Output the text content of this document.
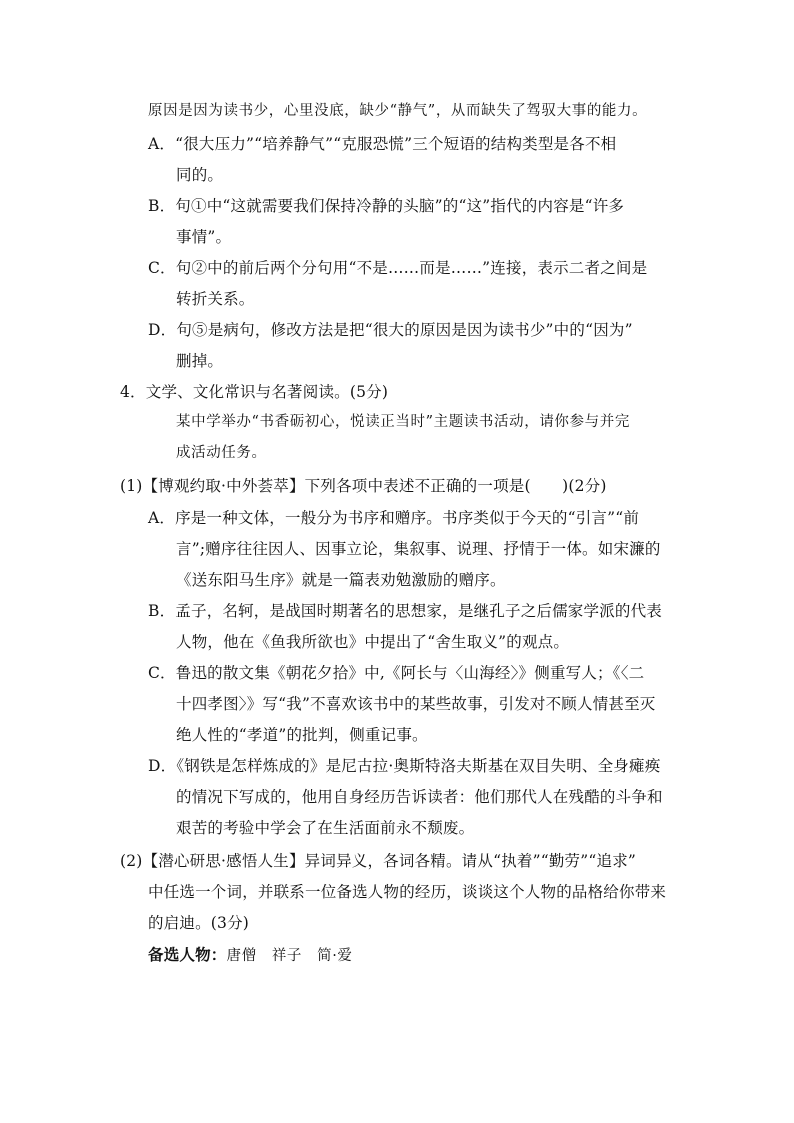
原因是因为读书少，心里没底，缺少“静气”，从而缺失了驾驭大事的能力。
A．“很大压力”“培养静气”“克服恐慌”三个短语的结构类型是各不相
同的。
B．句①中“这就需要我们保持冷静的头脑”的“这”指代的内容是“许多
事情”。
C．句②中的前后两个分句用“不是……而是……”连接，表示二者之间是
转折关系。
D．句⑤是病句，修改方法是把“很大的原因是因为读书少”中的“因为”
删掉。
4．文学、文化常识与名著阅读。(5分)
某中学举办“书香砺初心，悦读正当时”主题读书活动，请你参与并完
成活动任务。
(1)【博观约取·中外荟萃】下列各项中表述不正确的一项是(　　)(2分)
A．序是一种文体，一般分为书序和赠序。书序类似于今天的“引言”“前
言”;赠序往往因人、因事立论，集叙事、说理、抒情于一体。如宋濂的
《送东阳马生序》就是一篇表劝勉激励的赠序。
B．孟子，名轲，是战国时期著名的思想家，是继孔子之后儒家学派的代表
人物，他在《鱼我所欲也》中提出了“舍生取义”的观点。
C．鲁迅的散文集《朝花夕拾》中,《阿长与〈山海经〉》侧重写人；《〈二
十四孝图〉》写“我”不喜欢该书中的某些故事，引发对不顾人情甚至灭
绝人性的“孝道”的批判，侧重记事。
D．《钢铁是怎样炼成的》是尼古拉·奥斯特洛夫斯基在双目失明、全身瘫痪
的情况下写成的，他用自身经历告诉读者：他们那代人在残酷的斗争和
艰苦的考验中学会了在生活面前永不颓废。
(2)【潜心研思·感悟人生】异词异义，各词各精。请从“执着”“勤劳”“追求”
中任选一个词，并联系一位备选人物的经历，谈谈这个人物的品格给你带来
的启迪。(3分)
备选人物：唐僧　祥子　简·爱
